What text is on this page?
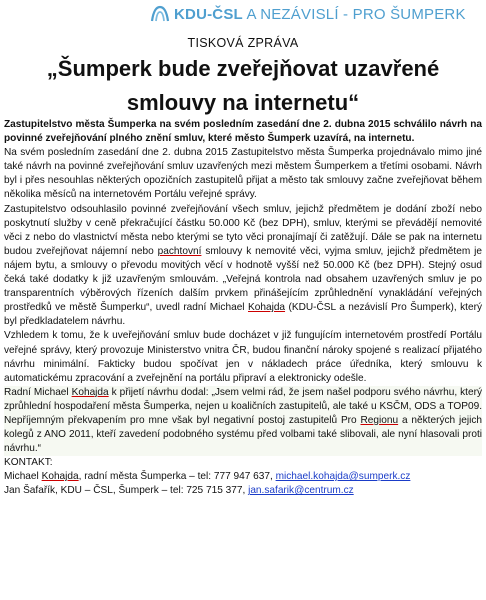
KDU-ČSL A NEZÁVISLÍ - PRO ŠUMPERK
TISKOVÁ ZPRÁVA
„Šumperk bude zveřejňovat uzavřené smlouvy na internetu“

Zastupitelstvo města Šumperka na svém posledním zasedání dne 2. dubna 2015 schválilo návrh na povinné zveřejňování plného znění smluv, které město Šumperk uzavírá, na internetu.

Na svém posledním zasedání dne 2. dubna 2015 Zastupitelstvo města Šumperka projednávalo mimo jiné také návrh na povinné zveřejňování smluv uzavřených mezi městem Šumperkem a třetími osobami. Návrh byl i přes nesouhlas některých opozičních zastupitelů přijat a město tak smlouvy začne zveřejňovat během několika měsíců na internetovém Portálu veřejné správy.

Zastupitelstvo odsouhlasilo povinné zveřejňování všech smluv, jejichž předmětem je dodání zboží nebo poskytnutí služby v ceně překračující částku 50.000 Kč (bez DPH), smluv, kterými se převádějí nemovité věci z nebo do vlastnictví města nebo kterými se tyto věci pronajímají či zatěžují. Dále se pak na internetu budou zveřejňovat nájemní nebo pachtovní smlouvy k nemovité věci, vyjma smluv, jejichž předmětem je nájem bytu, a smlouvy o převodu movitých věcí v hodnotě vyšší než 50.000 Kč (bez DPH). Stejný osud čeká také dodatky k již uzavřeným smlouvám. „Veřejná kontrola nad obsahem uzavřených smluv je po transparentních výběrových řízeních dalším prvkem přinášejícím zprůhlednění vynakládání veřejných prostředků ve městě Šumperku“, uvedl radní Michael Kohajda (KDU-ČSL a nezávislí Pro Šumperk), který byl předkladatelem návrhu.

Vzhledem k tomu, že k uveřejňování smluv bude docházet v již fungujícím internetovém prostředí Portálu veřejné správy, který provozuje Ministerstvo vnitra ČR, budou finanční nároky spojené s realizací přijatého návrhu minimální. Fakticky budou spočívat jen v nákladech práce úředníka, který smlouvu k automatickému zpracování a zveřejnění na portálu připraví a elektronicky odešle.

Radní Michael Kohajda k přijetí návrhu dodal: „Jsem velmi rád, že jsem našel podporu svého návrhu, který zprůhlední hospodaření města Šumperka, nejen u koaličních zastupitelů, ale také u KSČM, ODS a TOP09. Nepříjemným překvapením pro mne však byl negativní postoj zastupitelů Pro Regionu a některých jejich kolegů z ANO 2011, kteří zavedení podobného systému před volbami také slibovali, ale nyní hlasovali proti návrhu.“

KONTAKT:

Michael Kohajda, radní města Šumperka – tel: 777 947 637, michael.kohajda@sumperk.cz

Jan Šafařík, KDU – ČSL, Šumperk – tel: 725 715 377, jan.safarik@centrum.cz
